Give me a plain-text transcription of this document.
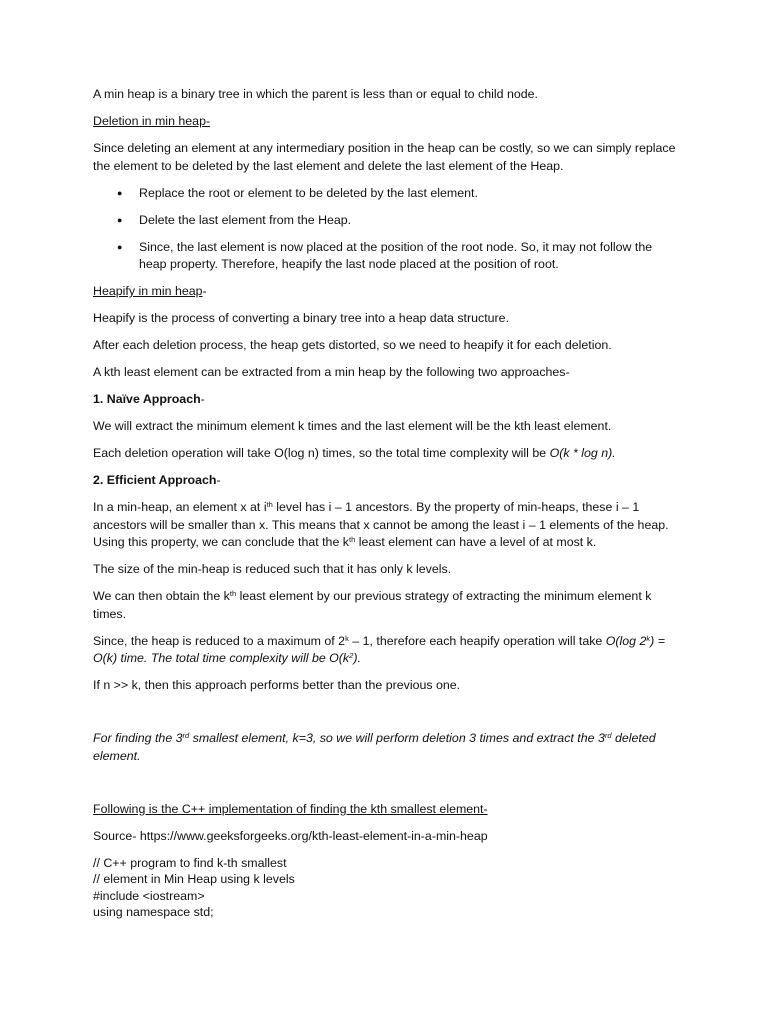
A min heap is a binary tree in which the parent is less than or equal to child node.

Deletion in min heap-

Since deleting an element at any intermediary position in the heap can be costly, so we can simply replace the element to be deleted by the last element and delete the last element of the Heap.

● Replace the root or element to be deleted by the last element.
● Delete the last element from the Heap.
● Since, the last element is now placed at the position of the root node. So, it may not follow the heap property. Therefore, heapify the last node placed at the position of root.

Heapify in min heap-

Heapify is the process of converting a binary tree into a heap data structure.

After each deletion process, the heap gets distorted, so we need to heapify it for each deletion.

A kth least element can be extracted from a min heap by the following two approaches-

1. Naïve Approach-

We will extract the minimum element k times and the last element will be the kth least element.

Each deletion operation will take O(log n) times, so the total time complexity will be O(k * log n).

2. Efficient Approach-

In a min-heap, an element x at $i^{th}$ level has i – 1 ancestors. By the property of min-heaps, these i – 1 ancestors will be smaller than x. This means that x cannot be among the least i – 1 elements of the heap. Using this property, we can conclude that the $k^{th}$ least element can have a level of at most k.

The size of the min-heap is reduced such that it has only k levels.

We can then obtain the $k^{th}$ least element by our previous strategy of extracting the minimum element k times.

Since, the heap is reduced to a maximum of 2$^k$ – 1, therefore each heapify operation will take O(log $2^k) = O(k)$ time. The total time complexity will be $O(k^2)$.

If n >> k, then this approach performs better than the previous one.

For finding the 3rd smallest element, k=3, so we will perform deletion 3 times and extract the 3rd deleted element.

Following is the C++ implementation of finding the kth smallest element-

Source- https://www.geeksforgeeks.org/kth-least-element-in-a-min-heap

// C++ program to find k-th smallest
// element in Min Heap using k levels
#include <iostream>
using namespace std;
